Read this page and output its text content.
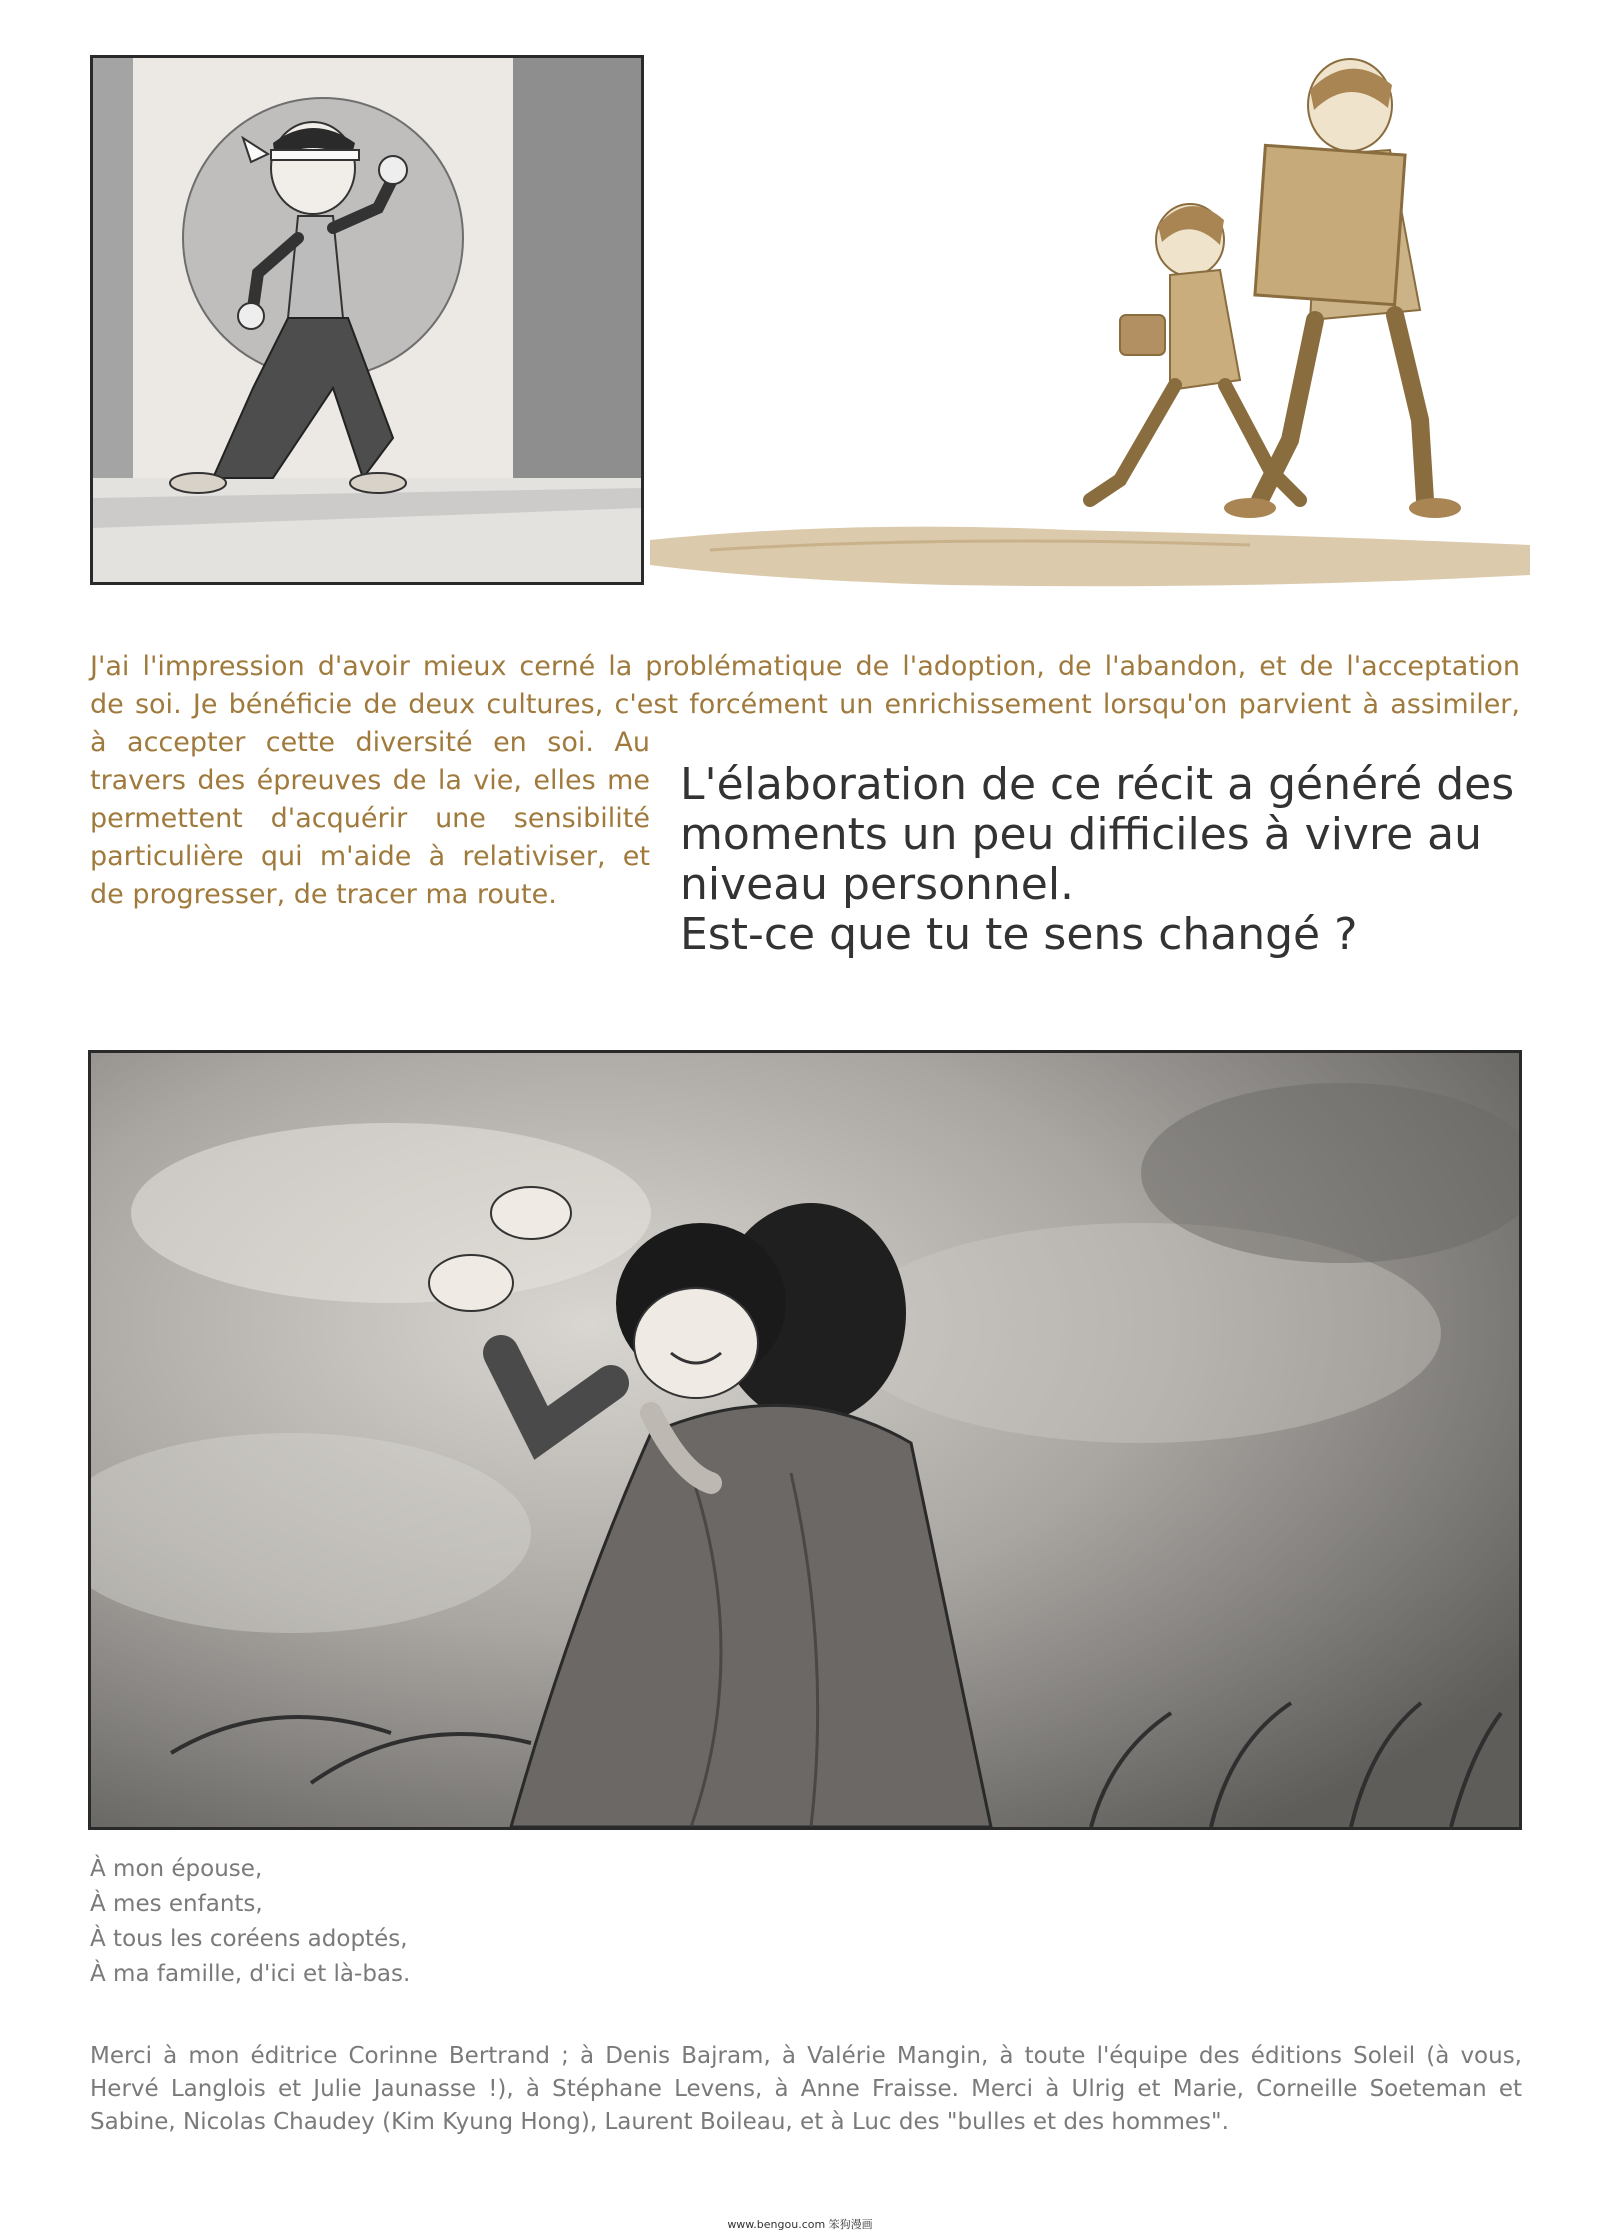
J'ai l'impression d'avoir mieux cerné la problématique de l'adoption, de l'abandon, et de l'acceptation

de soi. Je bénéficie de deux cultures, c'est forcément un enrichissement lorsqu'on parvient à assimiler,

à accepter cette diversité en soi. Au
travers des épreuves de la vie, elles me
permettent d'acquérir une sensibilité
particulière qui m'aide à relativiser, et
de progresser, de tracer ma route.
L'élaboration de ce récit a généré des
moments un peu difficiles à vivre au
niveau personnel.
Est-ce que tu te sens changé ?
À mon épouse,
À mes enfants,
À tous les coréens adoptés,
À ma famille, d'ici et là-bas.
Merci à mon éditrice Corinne Bertrand ; à Denis Bajram, à Valérie Mangin, à toute l'équipe des éditions Soleil (à vous,
Hervé Langlois et Julie Jaunasse !), à Stéphane Levens, à Anne Fraisse. Merci à Ulrig et Marie, Corneille Soeteman et
Sabine, Nicolas Chaudey (Kim Kyung Hong), Laurent Boileau, et à Luc des "bulles et des hommes".
www.bengou.com 笨狗漫画
